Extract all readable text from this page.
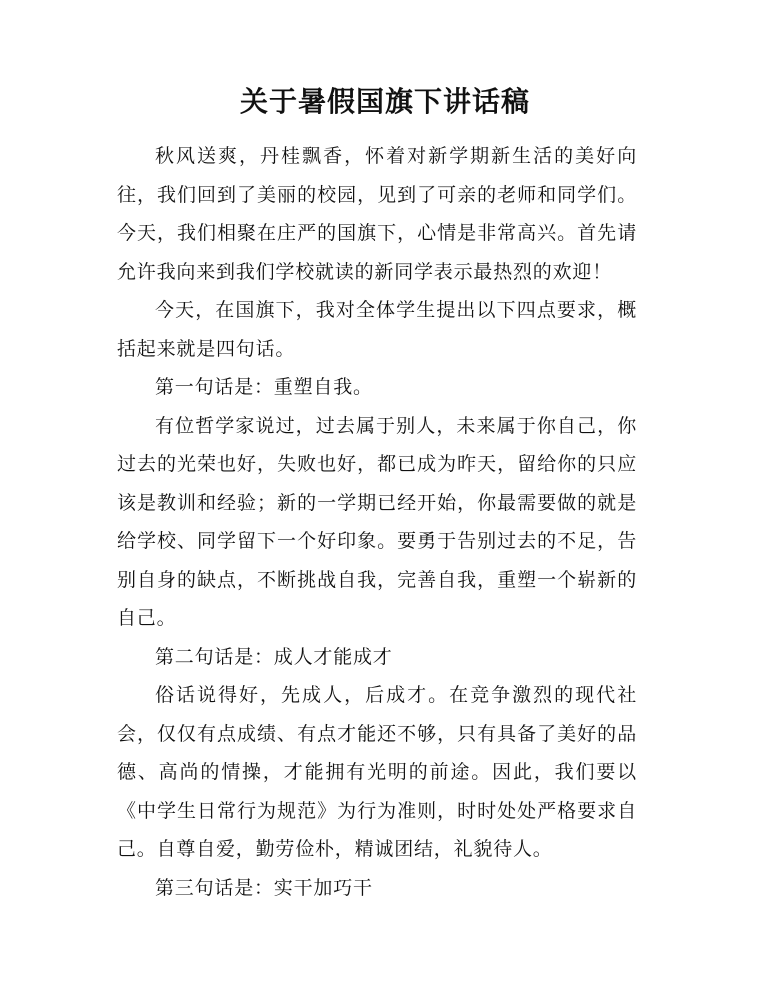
关于暑假国旗下讲话稿

秋风送爽，丹桂飘香，怀着对新学期新生活的美好向往，我们回到了美丽的校园，见到了可亲的老师和同学们。今天，我们相聚在庄严的国旗下，心情是非常高兴。首先请允许我向来到我们学校就读的新同学表示最热烈的欢迎！

今天，在国旗下，我对全体学生提出以下四点要求，概括起来就是四句话。

第一句话是：重塑自我。

有位哲学家说过，过去属于别人，未来属于你自己，你过去的光荣也好，失败也好，都已成为昨天，留给你的只应该是教训和经验；新的一学期已经开始，你最需要做的就是给学校、同学留下一个好印象。要勇于告别过去的不足，告别自身的缺点，不断挑战自我，完善自我，重塑一个崭新的自己。

第二句话是：成人才能成才

俗话说得好，先成人，后成才。在竞争激烈的现代社会，仅仅有点成绩、有点才能还不够，只有具备了美好的品德、高尚的情操，才能拥有光明的前途。因此，我们要以《中学生日常行为规范》为行为准则，时时处处严格要求自己。自尊自爱，勤劳俭朴，精诚团结，礼貌待人。

第三句话是：实干加巧干
